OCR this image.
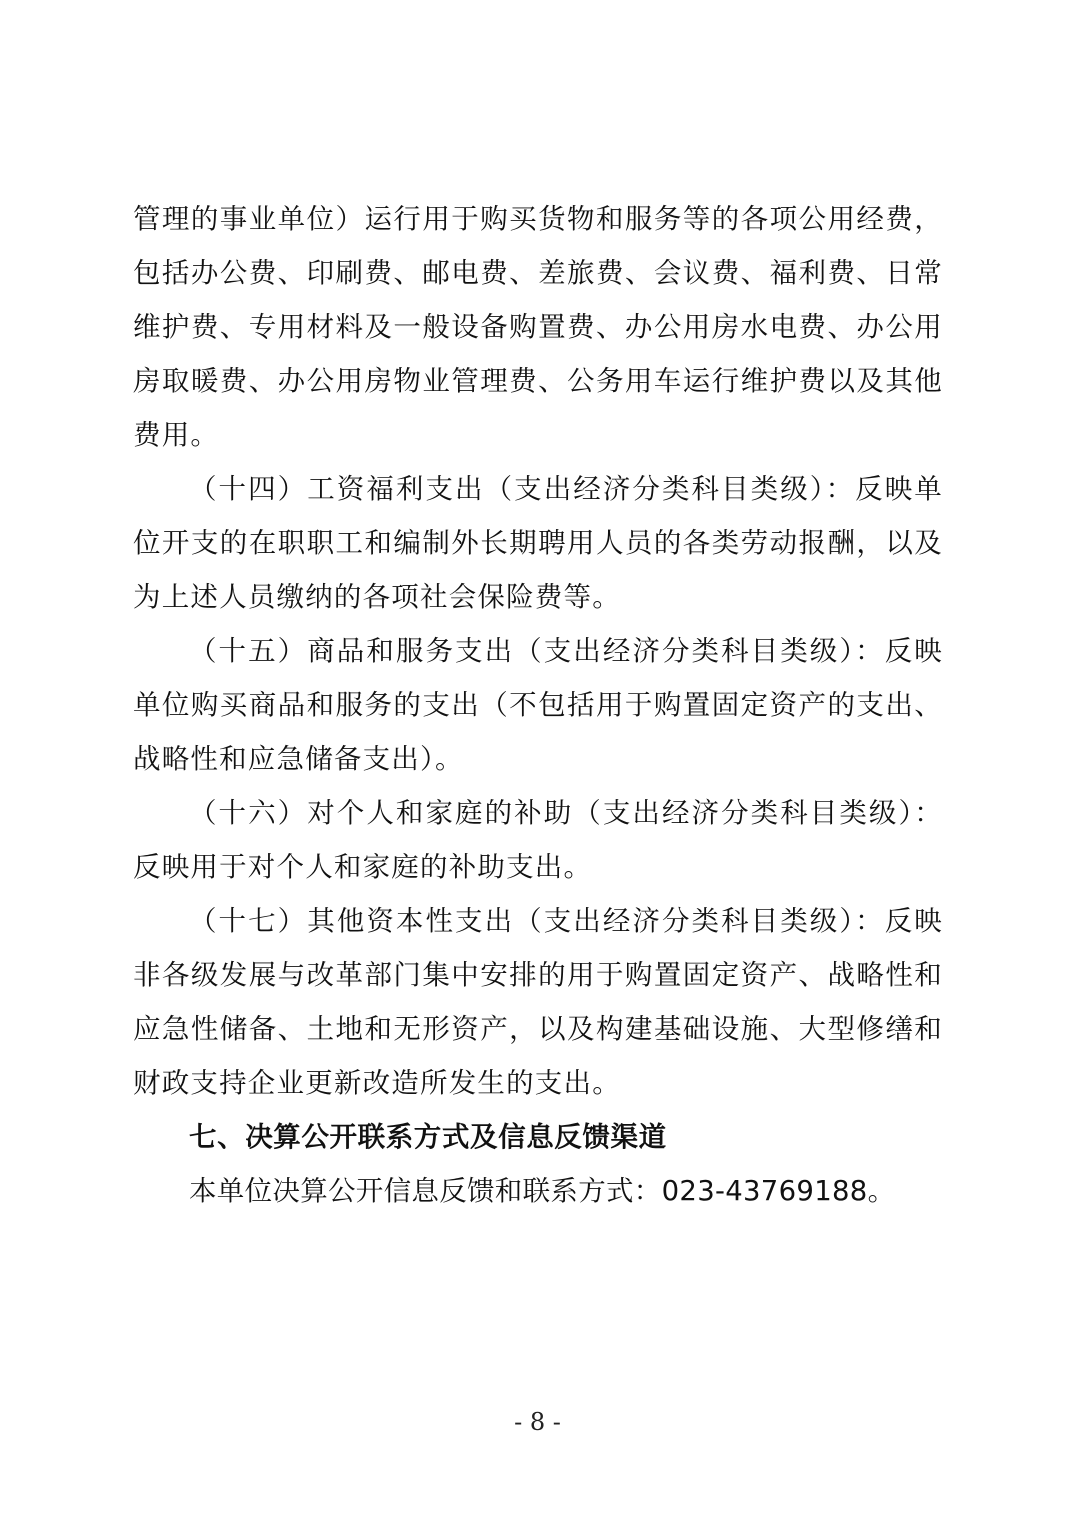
管理的事业单位）运行用于购买货物和服务等的各项公用经费，包括办公费、印刷费、邮电费、差旅费、会议费、福利费、日常维护费、专用材料及一般设备购置费、办公用房水电费、办公用房取暖费、办公用房物业管理费、公务用车运行维护费以及其他费用。

（十四）工资福利支出（支出经济分类科目类级）：反映单位开支的在职职工和编制外长期聘用人员的各类劳动报酬，以及为上述人员缴纳的各项社会保险费等。

（十五）商品和服务支出（支出经济分类科目类级）：反映单位购买商品和服务的支出（不包括用于购置固定资产的支出、战略性和应急储备支出）。

（十六）对个人和家庭的补助（支出经济分类科目类级）：反映用于对个人和家庭的补助支出。

（十七）其他资本性支出（支出经济分类科目类级）：反映非各级发展与改革部门集中安排的用于购置固定资产、战略性和应急性储备、土地和无形资产，以及构建基础设施、大型修缮和财政支持企业更新改造所发生的支出。

七、决算公开联系方式及信息反馈渠道

本单位决算公开信息反馈和联系方式：023-43769188。

- 8 -
